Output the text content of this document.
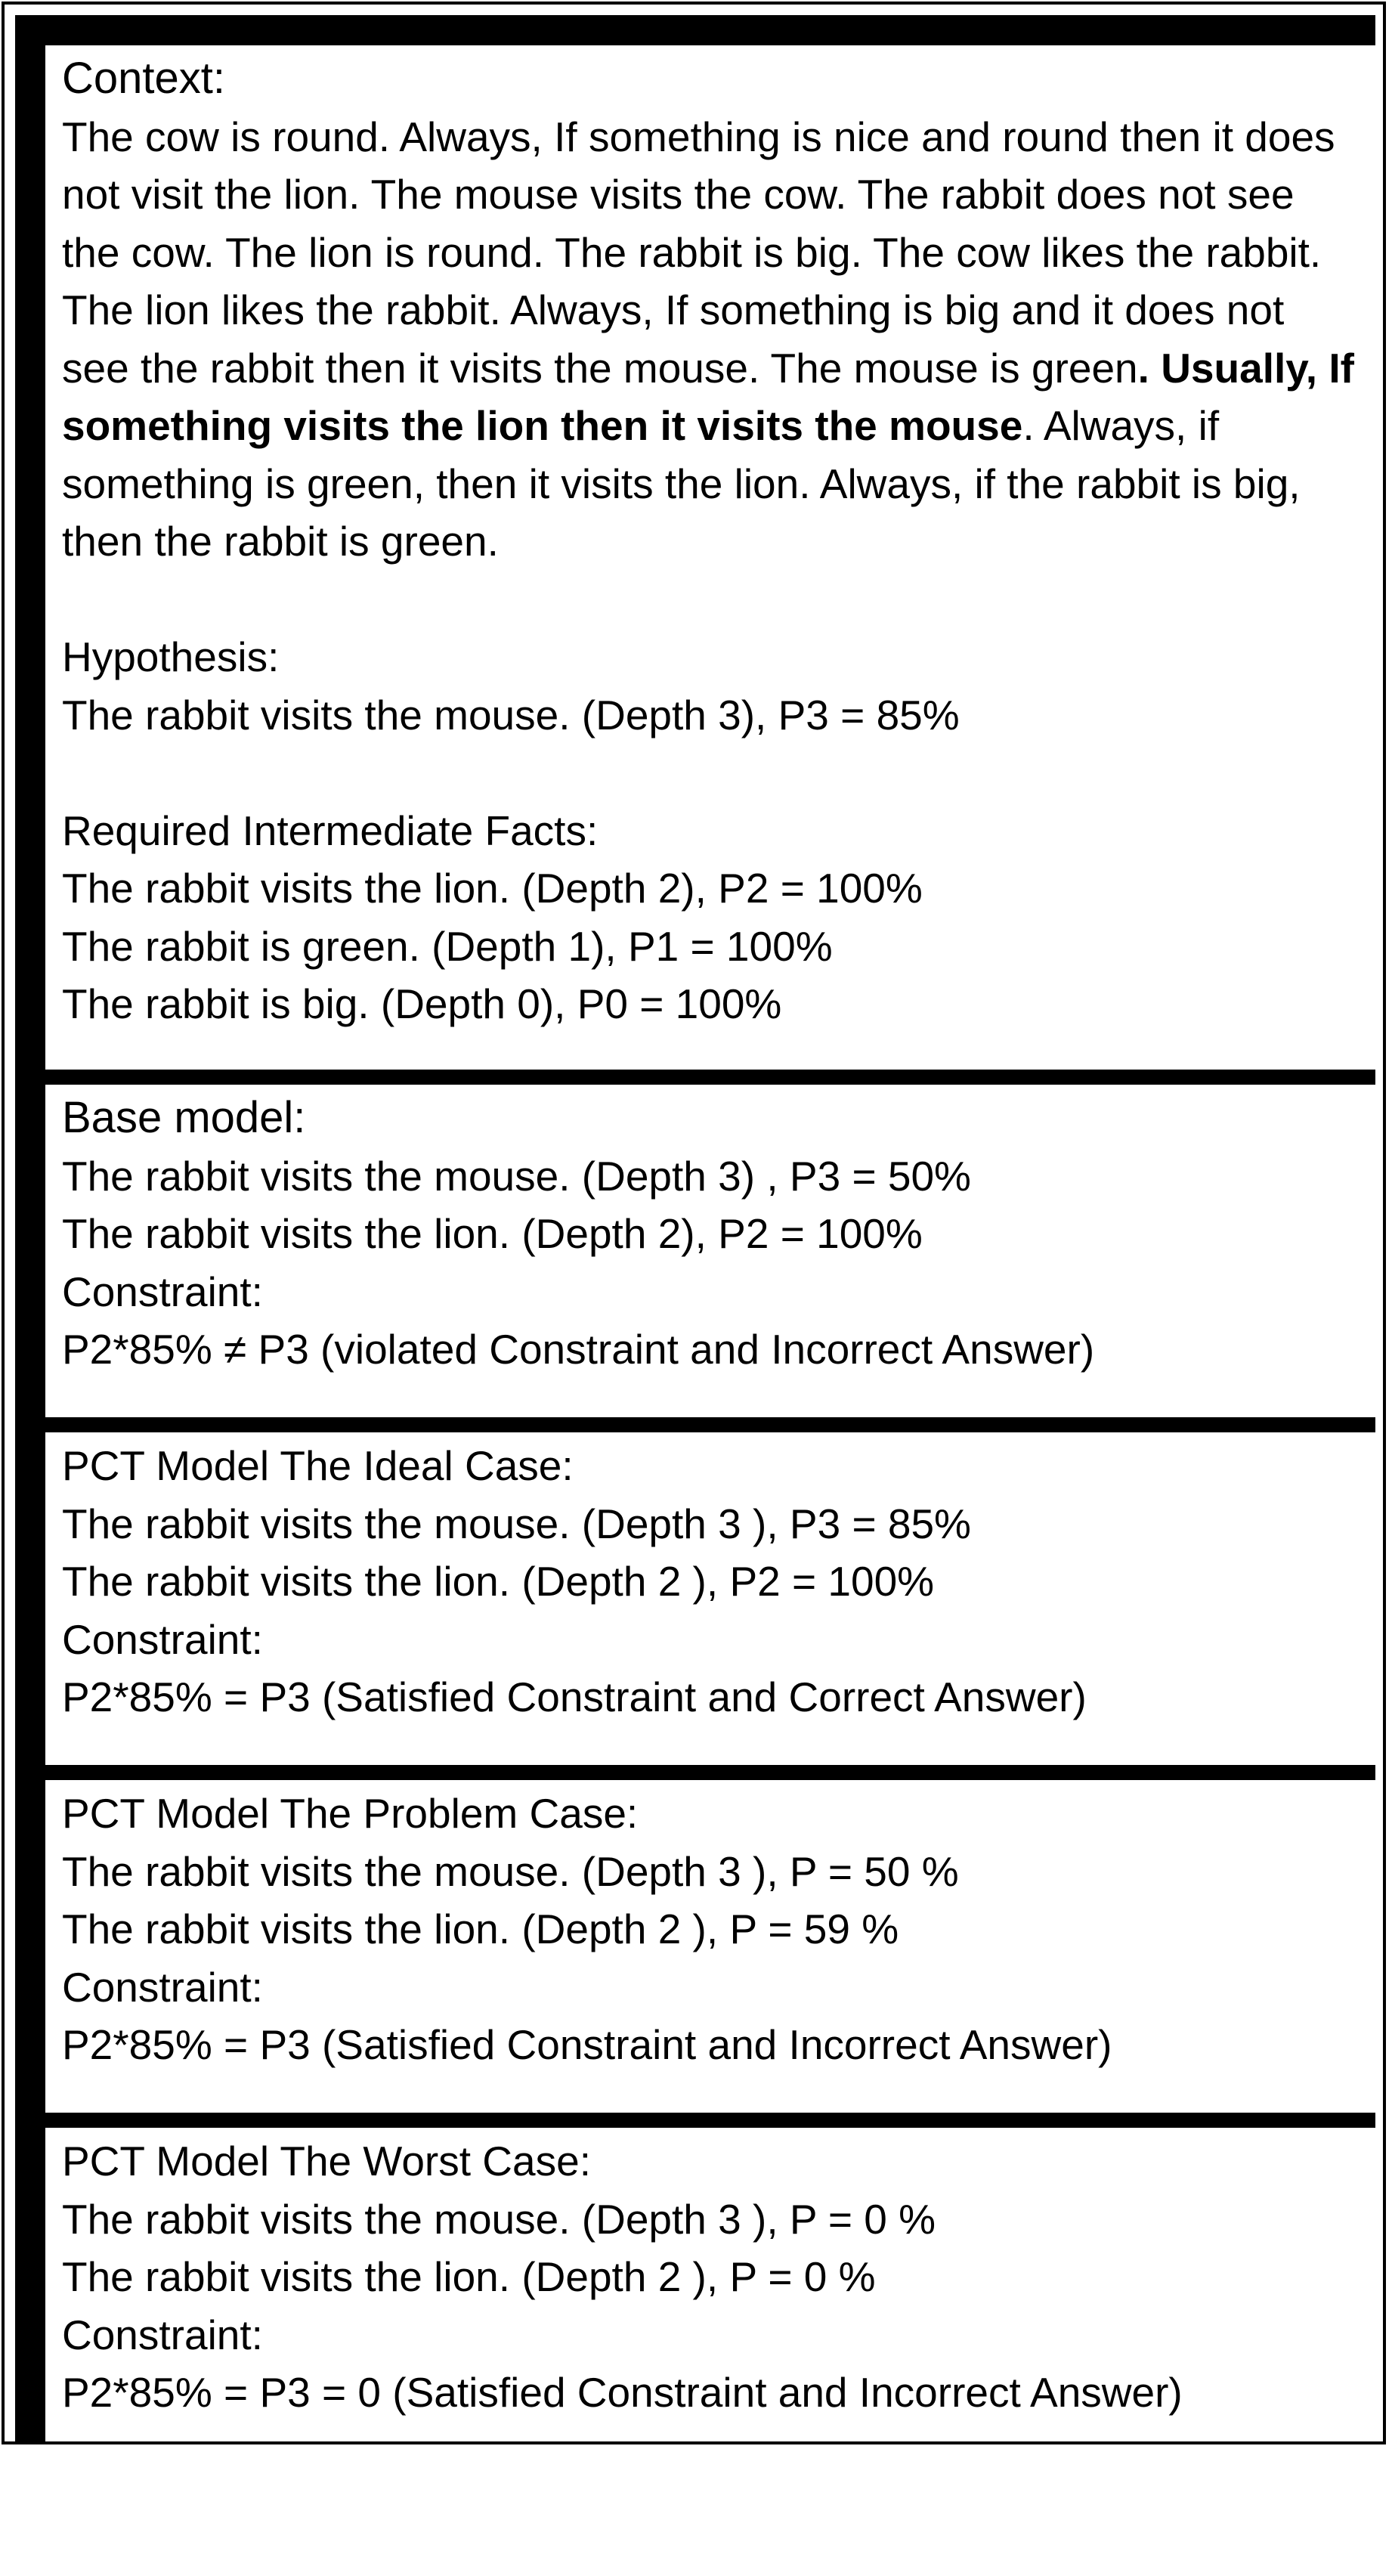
Context:

The cow is round. Always, If something is nice and round then it does not visit the lion. The mouse visits the cow. The rabbit does not see the cow. The lion is round. The rabbit is big. The cow likes the rabbit. The lion likes the rabbit. Always, If something is big and it does not see the rabbit then it visits the mouse. The mouse is green. Usually, If something visits the lion then it visits the mouse. Always, if something is green, then it visits the lion. Always, if the rabbit is big, then the rabbit is green.

Hypothesis:
The rabbit visits the mouse. (Depth 3), P3 = 85%
Required Intermediate Facts:
The rabbit visits the lion. (Depth 2), P2 = 100%
The rabbit is green. (Depth 1), P1 = 100%
The rabbit is big. (Depth 0), P0 = 100%
Base model:
The rabbit visits the mouse. (Depth 3) , P3 = 50%
The rabbit visits the lion. (Depth 2), P2 = 100%
Constraint:
P2*85% ≠ P3 (violated Constraint and Incorrect Answer)
PCT Model The Ideal Case:
The rabbit visits the mouse. (Depth 3 ), P3 = 85%
The rabbit visits the lion. (Depth 2 ), P2 = 100%
Constraint:
P2*85% = P3 (Satisfied Constraint and Correct Answer)
PCT Model The Problem Case:
The rabbit visits the mouse. (Depth 3 ), P = 50 %
The rabbit visits the lion. (Depth 2 ), P = 59 %
Constraint:
P2*85% = P3 (Satisfied Constraint and Incorrect Answer)
PCT Model The Worst Case:
The rabbit visits the mouse. (Depth 3 ), P = 0 %
The rabbit visits the lion. (Depth 2 ), P = 0 %
Constraint:
P2*85% = P3 = 0 (Satisfied Constraint and Incorrect Answer)
